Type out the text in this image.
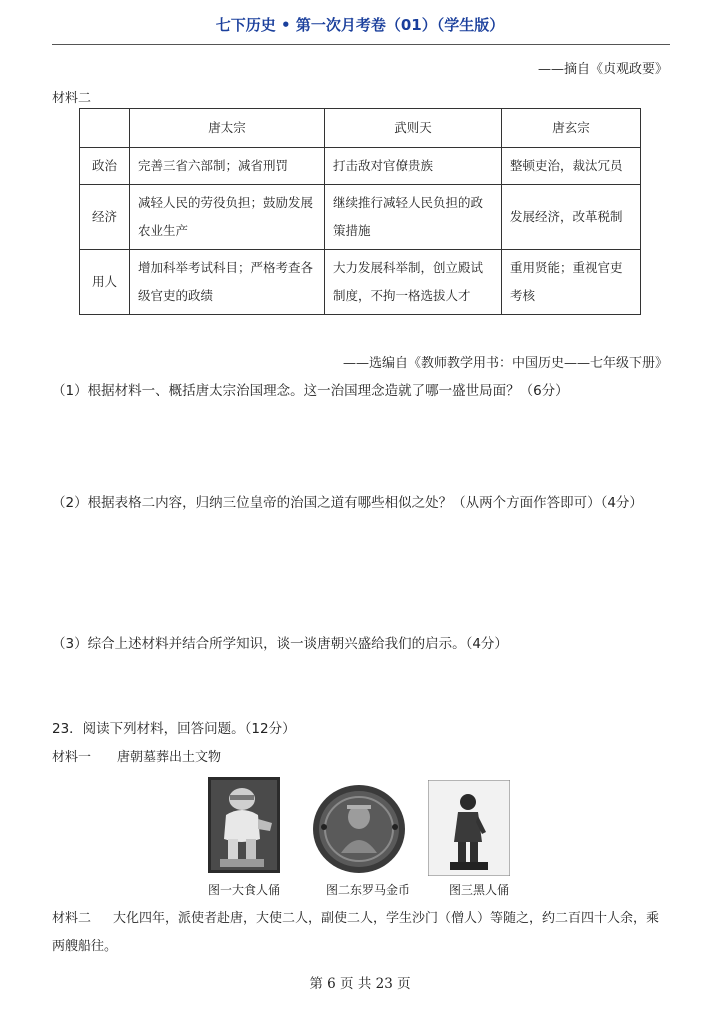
七下历史 • 第一次月考卷（01）（学生版）
——摘自《贞观政要》
材料二
	唐太宗	武则天	唐玄宗
政治	完善三省六部制；减省刑罚	打击敌对官僚贵族	整顿吏治，裁汰冗员
经济	减轻人民的劳役负担；鼓励发展农业生产	继续推行减轻人民负担的政策措施	发展经济，改革税制
用人	增加科举考试科目；严格考查各级官吏的政绩	大力发展科举制，创立殿试制度，不拘一格选拔人才	重用贤能；重视官吏考核
——选编自《教师教学用书：中国历史——七年级下册》
（1）根据材料一、概括唐太宗治国理念。这一治国理念造就了哪一盛世局面？（6分）
（2）根据表格二内容，归纳三位皇帝的治国之道有哪些相似之处？（从两个方面作答即可）（4分）
（3）综合上述材料并结合所学知识，谈一谈唐朝兴盛给我们的启示。（4分）
23．阅读下列材料，回答问题。（12分）
材料一 唐朝墓葬出土文物
图一大食人俑	图二东罗马金币	图三黑人俑
材料二 大化四年，派使者赴唐，大使二人，副使二人，学生沙门（僧人）等随之，约二百四十人余，乘两艘船往。
第 6 页 共 23 页
